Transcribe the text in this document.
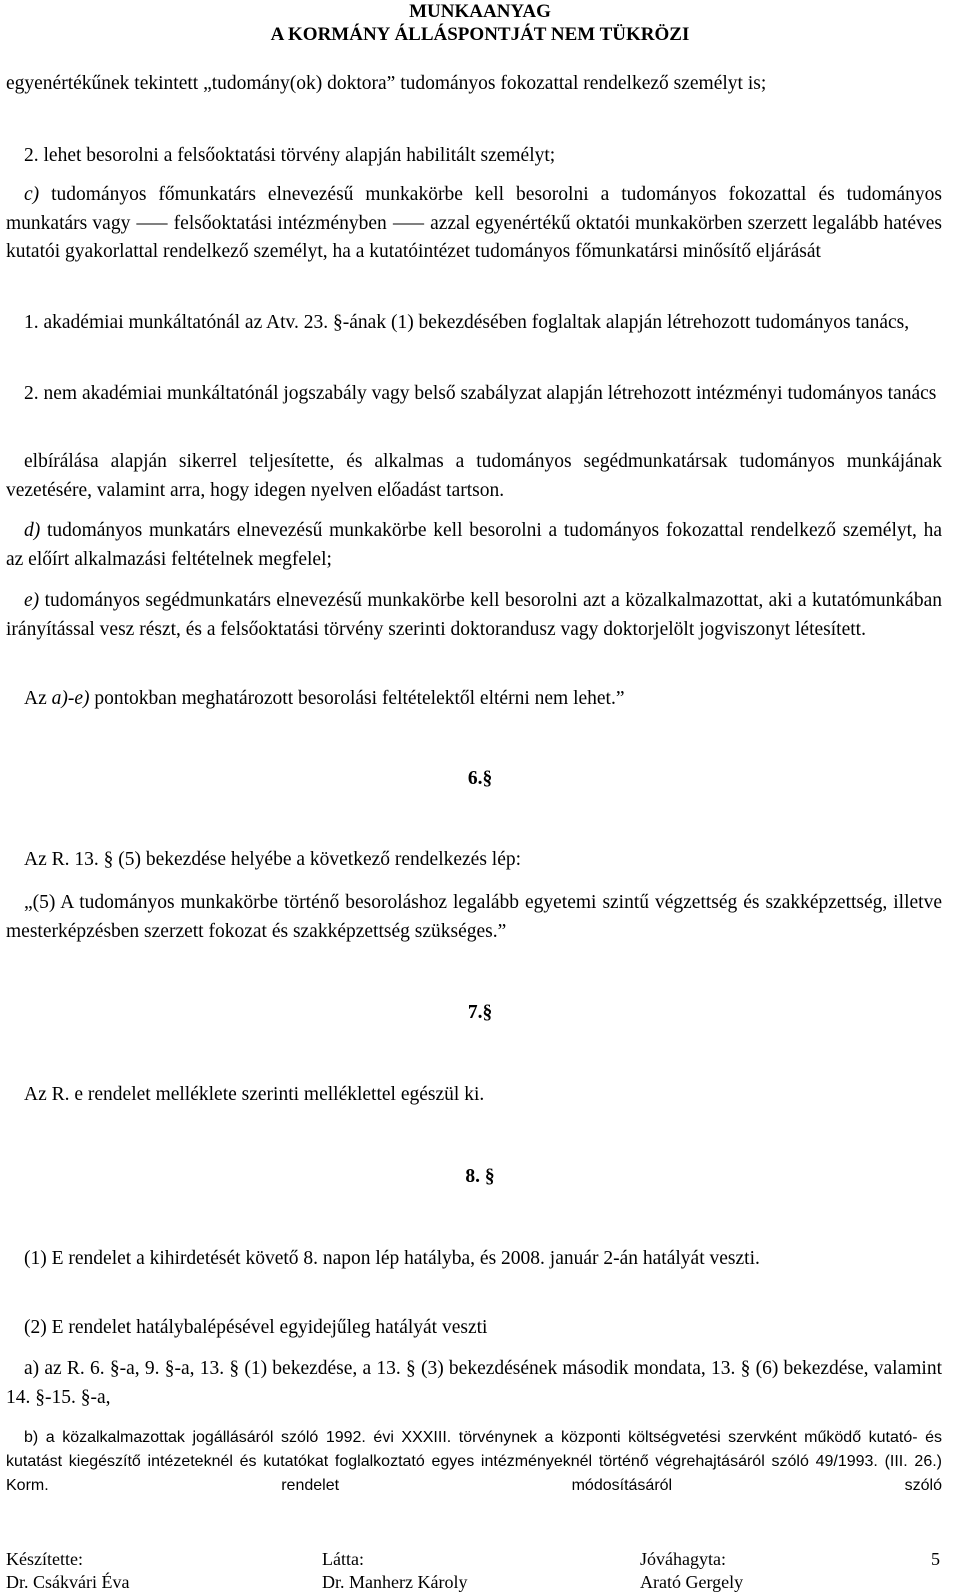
MUNKAANYAG
A KORMÁNY ÁLLÁSPONTJÁT NEM TÜKRÖZI

egyenértékűnek tekintett „tudomány(ok) doktora” tudományos fokozattal rendelkező személyt is;

2. lehet besorolni a felsőoktatási törvény alapján habilitált személyt;

c) tudományos főmunkatárs elnevezésű munkakörbe kell besorolni a tudományos fokozattal és tudományos munkatárs vagy ⸺ felsőoktatási intézményben ⸺ azzal egyenértékű oktatói munkakörben szerzett legalább hatéves kutatói gyakorlattal rendelkező személyt, ha a kutatóintézet tudományos főmunkatársi minősítő eljárását

1. akadémiai munkáltatónál az Atv. 23. §-ának (1) bekezdésében foglaltak alapján létrehozott tudományos tanács,

2. nem akadémiai munkáltatónál jogszabály vagy belső szabályzat alapján létrehozott intézményi tudományos tanács

elbírálása alapján sikerrel teljesítette, és alkalmas a tudományos segédmunkatársak tudományos munkájának vezetésére, valamint arra, hogy idegen nyelven előadást tartson.

d) tudományos munkatárs elnevezésű munkakörbe kell besorolni a tudományos fokozattal rendelkező személyt, ha az előírt alkalmazási feltételnek megfelel;

e) tudományos segédmunkatárs elnevezésű munkakörbe kell besorolni azt a közalkalmazottat, aki a kutatómunkában irányítással vesz részt, és a felsőoktatási törvény szerinti doktorandusz vagy doktorjelölt jogviszonyt létesített.

Az a)-e) pontokban meghatározott besorolási feltételektől eltérni nem lehet.”

6.§

Az R. 13. § (5) bekezdése helyébe a következő rendelkezés lép:

„(5) A tudományos munkakörbe történő besoroláshoz legalább egyetemi szintű végzettség és szakképzettség, illetve mesterképzésben szerzett fokozat és szakképzettség szükséges.”

7.§

Az R. e rendelet melléklete szerinti melléklettel egészül ki.

8. §

(1) E rendelet a kihirdetését követő 8. napon lép hatályba, és 2008. január 2-án hatályát veszti.

(2) E rendelet hatálybalépésével egyidejűleg hatályát veszti

a) az R. 6. §-a, 9. §-a, 13. § (1) bekezdése, a 13. § (3) bekezdésének második mondata, 13. § (6) bekezdése, valamint 14. §-15. §-a,

b) a közalkalmazottak jogállásáról szóló 1992. évi XXXIII. törvénynek a központi költségvetési szervként működő kutató- és kutatást kiegészítő intézeteknél és kutatókat foglalkoztató egyes intézményeknél történő végrehajtásáról szóló 49/1993. (III. 26.) Korm. rendelet módosításáról szóló

Készítette:
Dr. Csákvári Éva
Látta:
Dr. Manherz Károly
Jóváhagyta:
Arató Gergely
5
